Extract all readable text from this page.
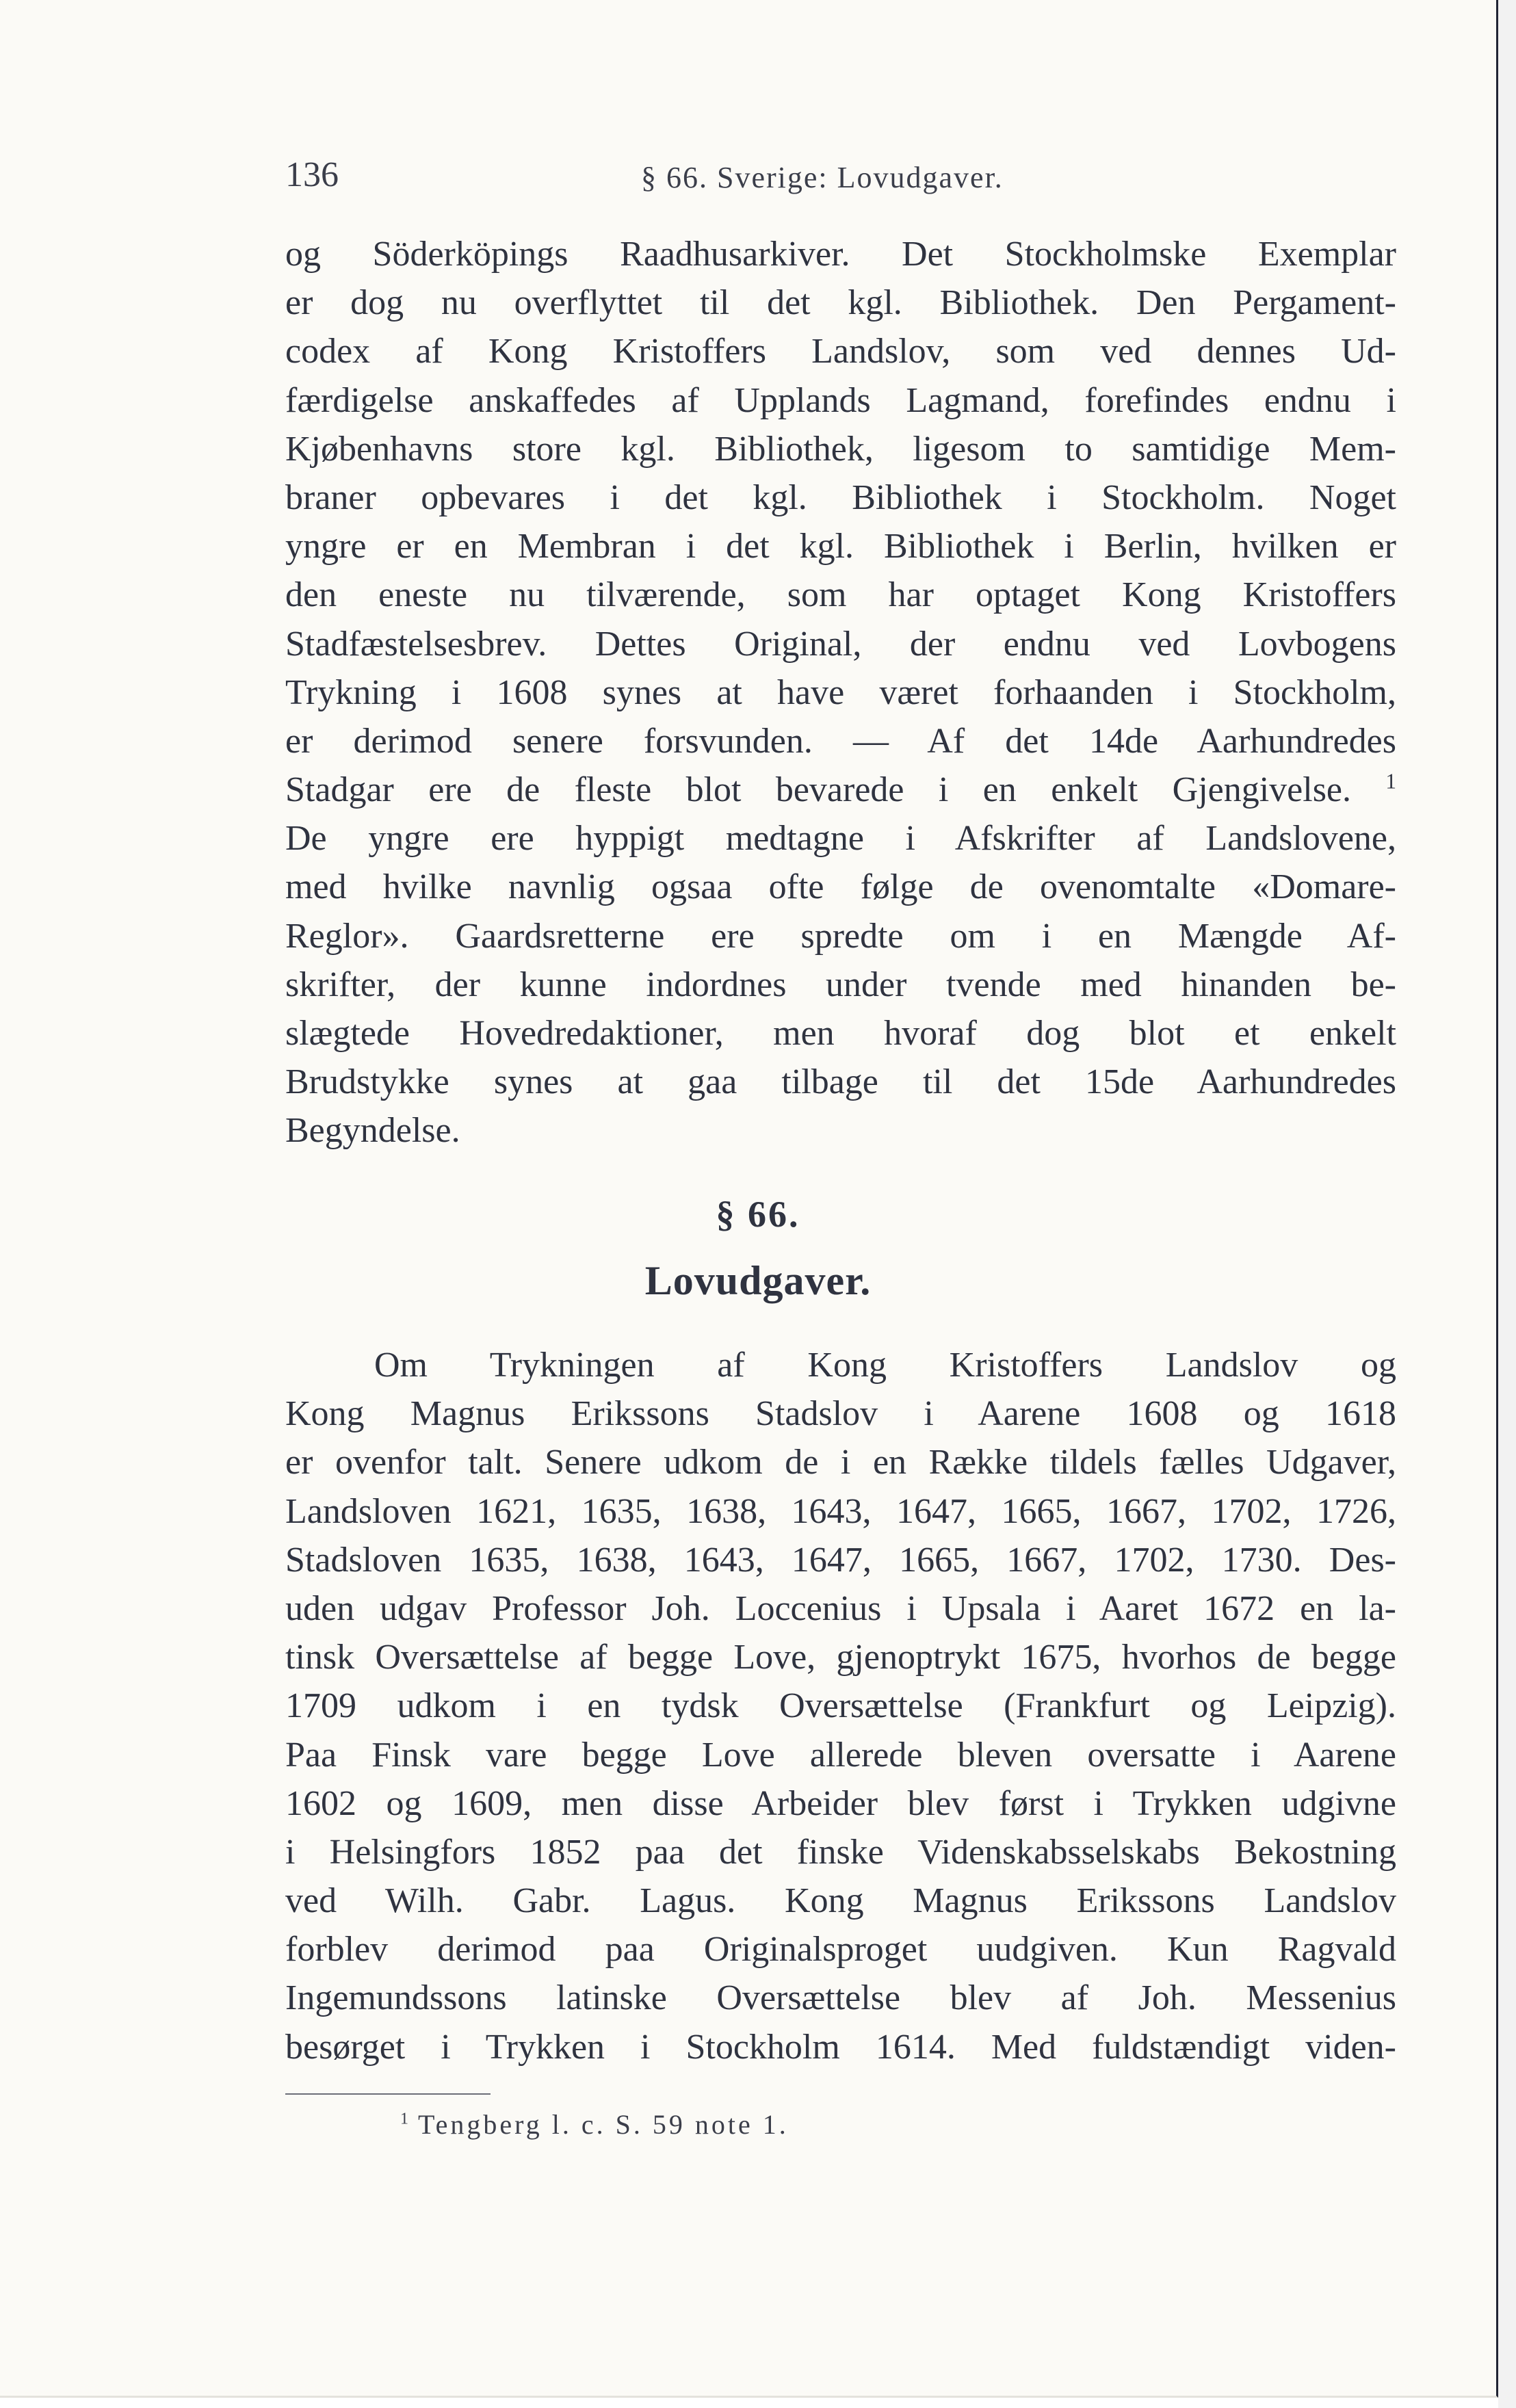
136	§ 66. Sverige: Lovudgaver.
og Söderköpings Raadhusarkiver. Det Stockholmske Exemplar
er dog nu overflyttet til det kgl. Bibliothek. Den Pergament-
codex af Kong Kristoffers Landslov, som ved dennes Ud-
færdigelse anskaffedes af Upplands Lagmand, forefindes endnu i
Kjøbenhavns store kgl. Bibliothek, ligesom to samtidige Mem-
braner opbevares i det kgl. Bibliothek i Stockholm. Noget
yngre er en Membran i det kgl. Bibliothek i Berlin, hvilken er
den eneste nu tilværende, som har optaget Kong Kristoffers
Stadfæstelsesbrev. Dettes Original, der endnu ved Lovbogens
Trykning i 1608 synes at have været forhaanden i Stockholm,
er derimod senere forsvunden. — Af det 14de Aarhundredes
Stadgar ere de fleste blot bevarede i en enkelt Gjengivelse. $^1$
De yngre ere hyppigt medtagne i Afskrifter af Landslovene,
med hvilke navnlig ogsaa ofte følge de ovenomtalte «Domare-
Reglor». Gaardsretterne ere spredte om i en Mængde Af-
skrifter, der kunne indordnes under tvende med hinanden be-
slægtede Hovedredaktioner, men hvoraf dog blot et enkelt
Brudstykke synes at gaa tilbage til det 15de Aarhundredes
Begyndelse.
§ 66.
Lovudgaver.
Om Trykningen af Kong Kristoffers Landslov og
Kong Magnus Erikssons Stadslov i Aarene 1608 og 1618
er ovenfor talt. Senere udkom de i en Række tildels fælles Udgaver,
Landsloven 1621, 1635, 1638, 1643, 1647, 1665, 1667, 1702, 1726,
Stadsloven 1635, 1638, 1643, 1647, 1665, 1667, 1702, 1730. Des-
uden udgav Professor Joh. Loccenius i Upsala i Aaret 1672 en la-
tinsk Oversættelse af begge Love, gjenoptrykt 1675, hvorhos de begge
1709 udkom i en tydsk Oversættelse (Frankfurt og Leipzig).
Paa Finsk vare begge Love allerede bleven oversatte i Aarene
1602 og 1609, men disse Arbeider blev først i Trykken udgivne
i Helsingfors 1852 paa det finske Videnskabsselskabs Bekostning
ved Wilh. Gabr. Lagus. Kong Magnus Erikssons Landslov
forblev derimod paa Originalsproget uudgiven. Kun Ragvald
Ingemundssons latinske Oversættelse blev af Joh. Messenius
besørget i Trykken i Stockholm 1614. Med fuldstændigt viden-
$^1$ Tengberg l. c. S. 59 note 1.
